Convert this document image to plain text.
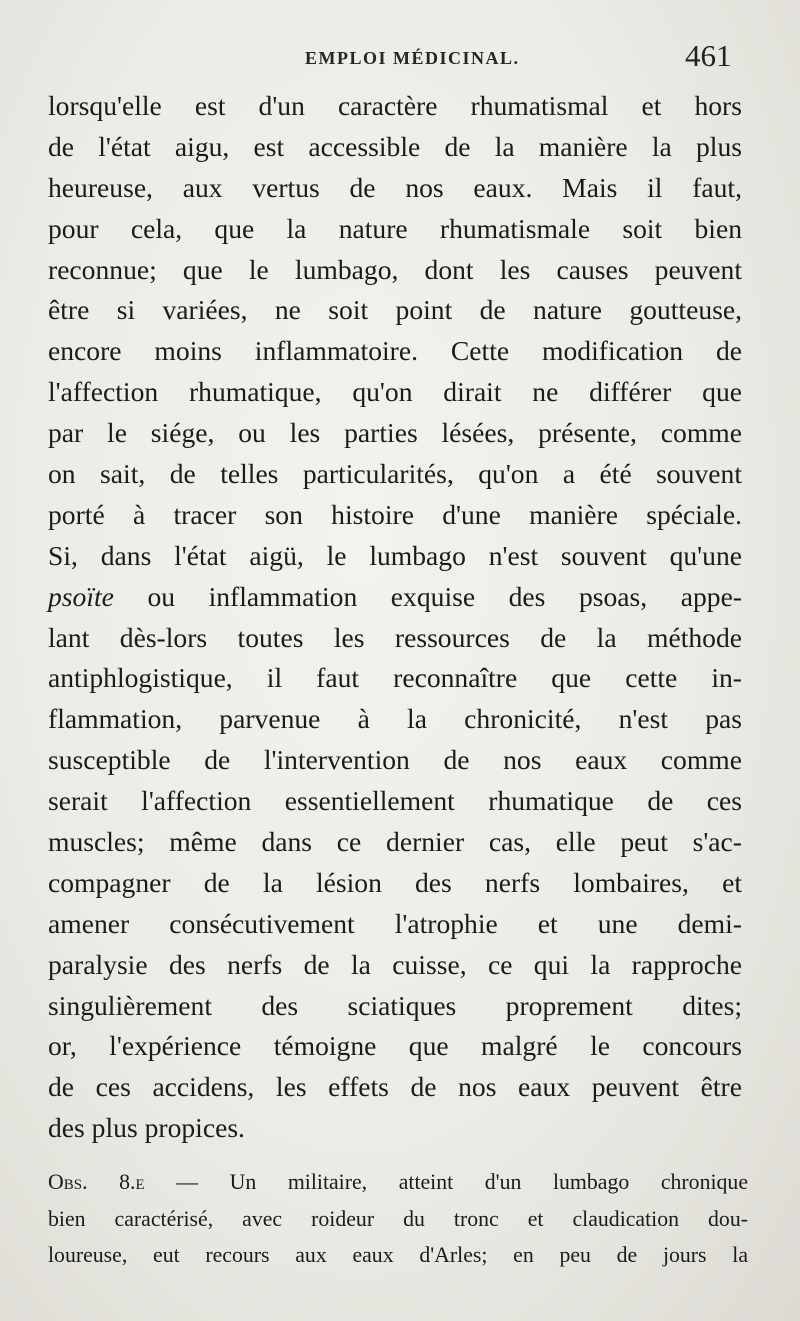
EMPLOI MÉDICINAL.	461
lorsqu'elle est d'un caractère rhumatismal et hors
de l'état aigu, est accessible de la manière la plus
heureuse, aux vertus de nos eaux. Mais il faut,
pour cela, que la nature rhumatismale soit bien
reconnue; que le lumbago, dont les causes peuvent
être si variées, ne soit point de nature goutteuse,
encore moins inflammatoire. Cette modification de
l'affection rhumatique, qu'on dirait ne différer que
par le siége, ou les parties lésées, présente, comme
on sait, de telles particularités, qu'on a été souvent
porté à tracer son histoire d'une manière spéciale.
Si, dans l'état aigü, le lumbago n'est souvent qu'une
psoïte ou inflammation exquise des psoas, appe-
lant dès-lors toutes les ressources de la méthode
antiphlogistique, il faut reconnaître que cette in-
flammation, parvenue à la chronicité, n'est pas
susceptible de l'intervention de nos eaux comme
serait l'affection essentiellement rhumatique de ces
muscles; même dans ce dernier cas, elle peut s'ac-
compagner de la lésion des nerfs lombaires, et
amener consécutivement l'atrophie et une demi-
paralysie des nerfs de la cuisse, ce qui la rapproche
singulièrement des sciatiques proprement dites;
or, l'expérience témoigne que malgré le concours
de ces accidens, les effets de nos eaux peuvent être
des plus propices.
Obs. 8.e — Un militaire, atteint d'un lumbago chronique
bien caractérisé, avec roideur du tronc et claudication dou-
loureuse, eut recours aux eaux d'Arles; en peu de jours la
